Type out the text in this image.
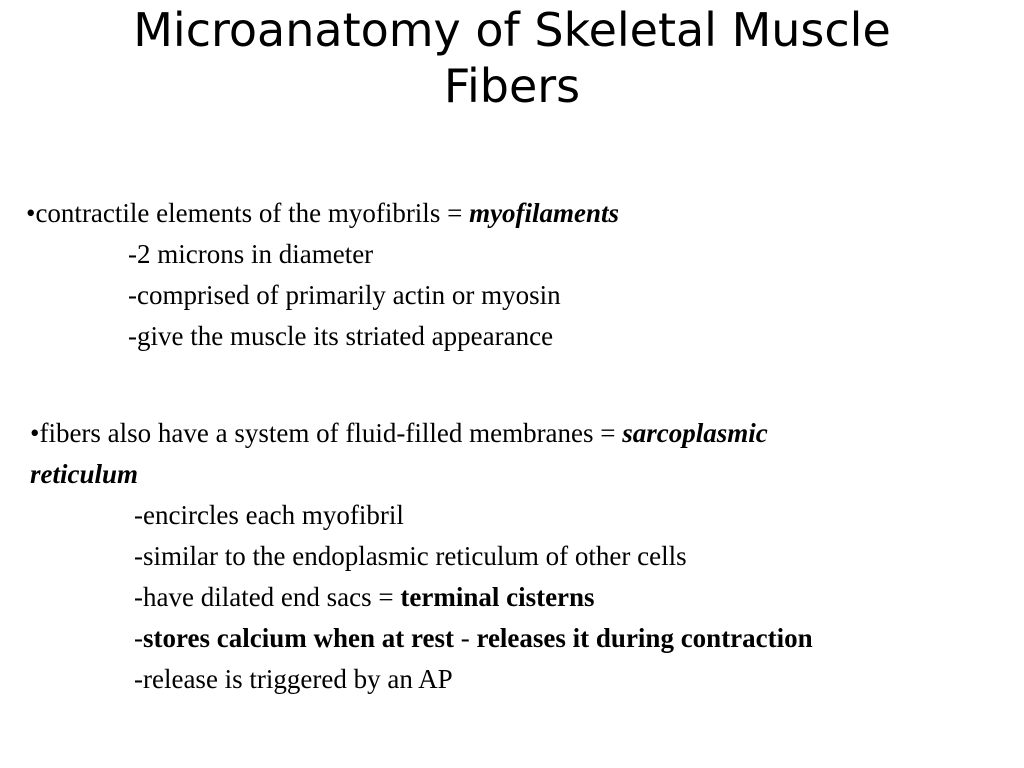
Microanatomy of Skeletal Muscle
Fibers
•contractile elements of the myofibrils = myofilaments
-2 microns in diameter
-comprised of primarily actin or myosin
-give the muscle its striated appearance
•fibers also have a system of fluid-filled membranes = sarcoplasmic
reticulum
-encircles each myofibril
-similar to the endoplasmic reticulum of other cells
-have dilated end sacs = terminal cisterns
-stores calcium when at rest - releases it during contraction
-release is triggered by an AP
